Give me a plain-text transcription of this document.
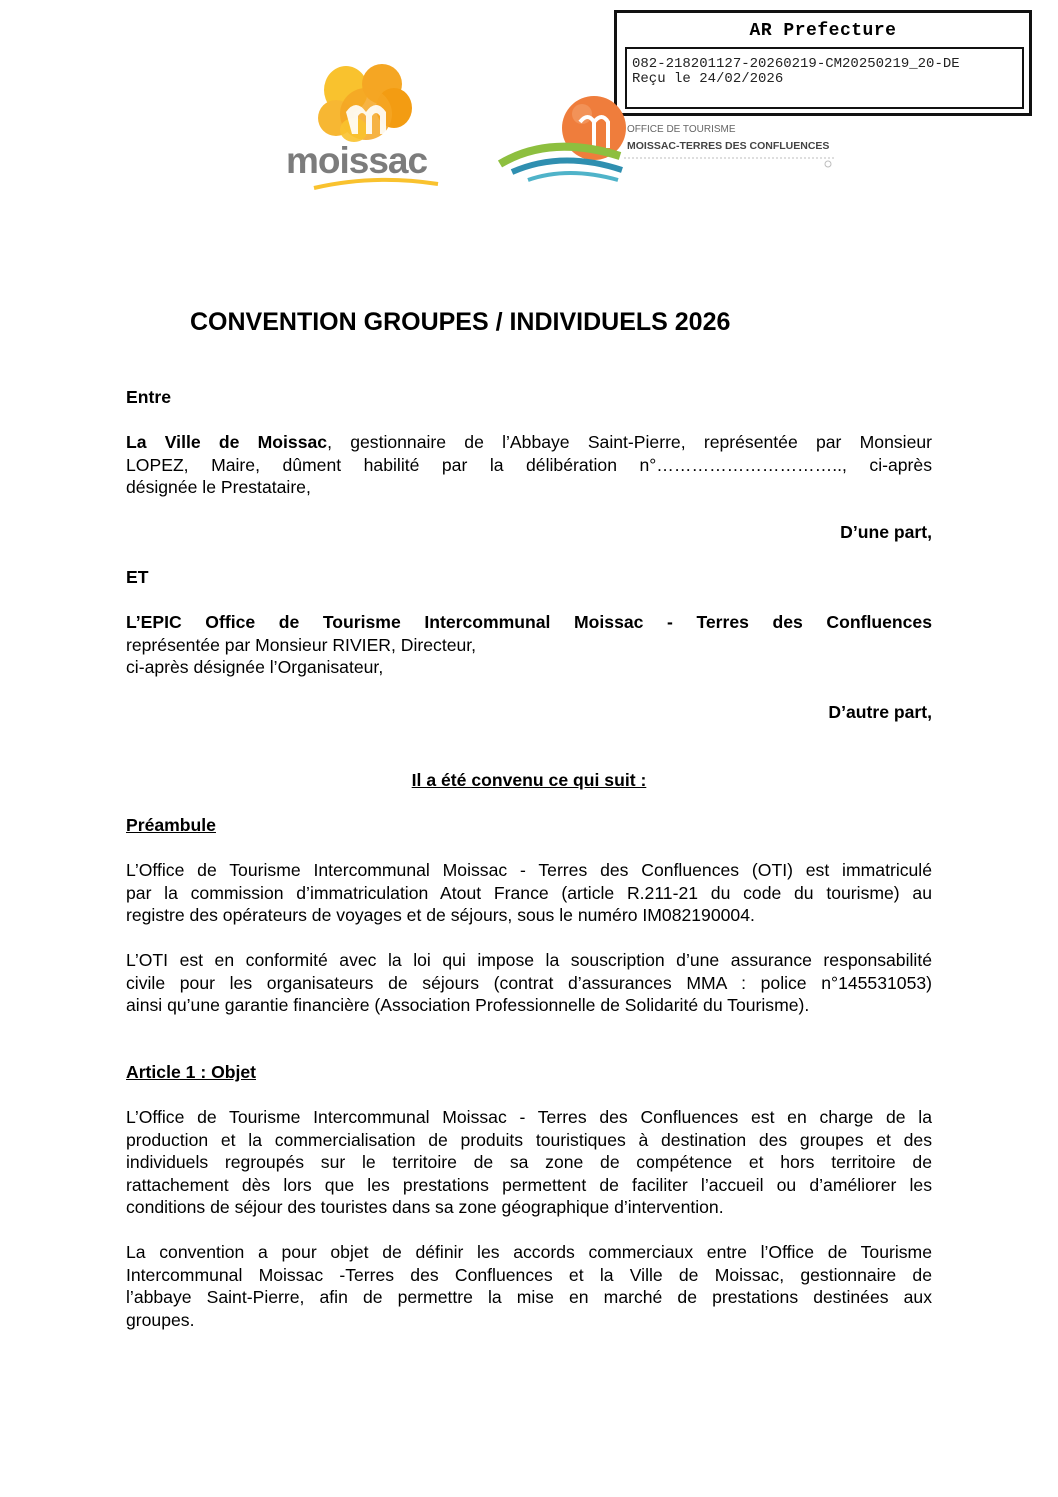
AR Prefecture
082-218201127-20260219-CM20250219_20-DE
Reçu le 24/02/2026
moissac
OFFICE DE TOURISME
MOISSAC-TERRES DES CONFLUENCES
CONVENTION GROUPES / INDIVIDUELS 2026
Entre
La Ville de Moissac, gestionnaire de l’Abbaye Saint-Pierre, représentée par Monsieur
LOPEZ, Maire, dûment habilité par la délibération n°………………………….., ci-après
désignée le Prestataire,
D’une part,
ET
L’EPIC Office de Tourisme Intercommunal Moissac - Terres des Confluences
représentée par Monsieur RIVIER, Directeur,
ci-après désignée l’Organisateur,
D’autre part,
Il a été convenu ce qui suit :
Préambule
L’Office de Tourisme Intercommunal Moissac - Terres des Confluences (OTI) est immatriculé
par la commission d’immatriculation Atout France (article R.211-21 du code du tourisme) au
registre des opérateurs de voyages et de séjours, sous le numéro IM082190004.
L’OTI est en conformité avec la loi qui impose la souscription d’une assurance responsabilité
civile pour les organisateurs de séjours (contrat d’assurances MMA : police n°145531053)
ainsi qu’une garantie financière (Association Professionnelle de Solidarité du Tourisme).
Article 1 : Objet
L’Office de Tourisme Intercommunal Moissac - Terres des Confluences est en charge de la
production et la commercialisation de produits touristiques à destination des groupes et des
individuels regroupés sur le territoire de sa zone de compétence et hors territoire de
rattachement dès lors que les prestations permettent de faciliter l’accueil ou d’améliorer les
conditions de séjour des touristes dans sa zone géographique d’intervention.
La convention a pour objet de définir les accords commerciaux entre l’Office de Tourisme
Intercommunal Moissac -Terres des Confluences et la Ville de Moissac, gestionnaire de
l’abbaye Saint-Pierre, afin de permettre la mise en marché de prestations destinées aux
groupes.
